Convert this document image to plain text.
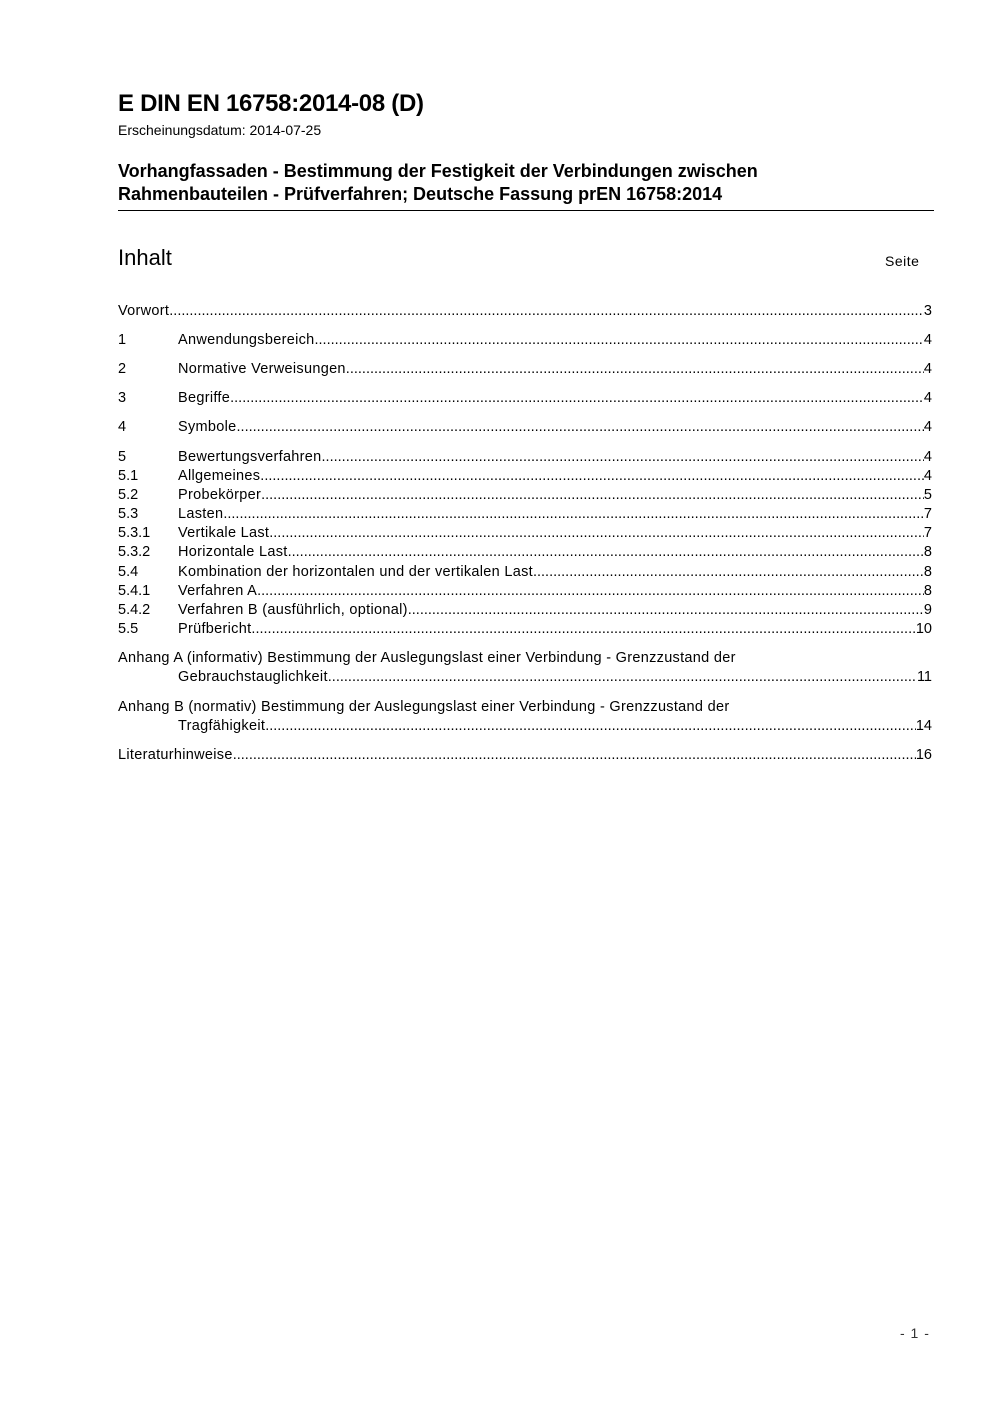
E DIN EN 16758:2014-08 (D)
Erscheinungsdatum: 2014-07-25
Vorhangfassaden - Bestimmung der Festigkeit der Verbindungen zwischen
Rahmenbauteilen - Prüfverfahren; Deutsche Fassung prEN 16758:2014
Inhalt	Seite
Vorwort .....	3
1	Anwendungsbereich .....	4
2	Normative Verweisungen .....	4
3	Begriffe .....	4
4	Symbole .....	4
5	Bewertungsverfahren .....	4
5.1	Allgemeines .....	4
5.2	Probekörper .....	5
5.3	Lasten .....	7
5.3.1	Vertikale Last .....	7
5.3.2	Horizontale Last .....	8
5.4	Kombination der horizontalen und der vertikalen Last .....	8
5.4.1	Verfahren A .....	8
5.4.2	Verfahren B (ausführlich, optional) .....	9
5.5	Prüfbericht .....	10
Anhang A (informativ) Bestimmung der Auslegungslast einer Verbindung - Grenzzustand der
Gebrauchstauglichkeit .....	11
Anhang B (normativ) Bestimmung der Auslegungslast einer Verbindung - Grenzzustand der
Tragfähigkeit .....	14
Literaturhinweise .....	16
- 1 -
